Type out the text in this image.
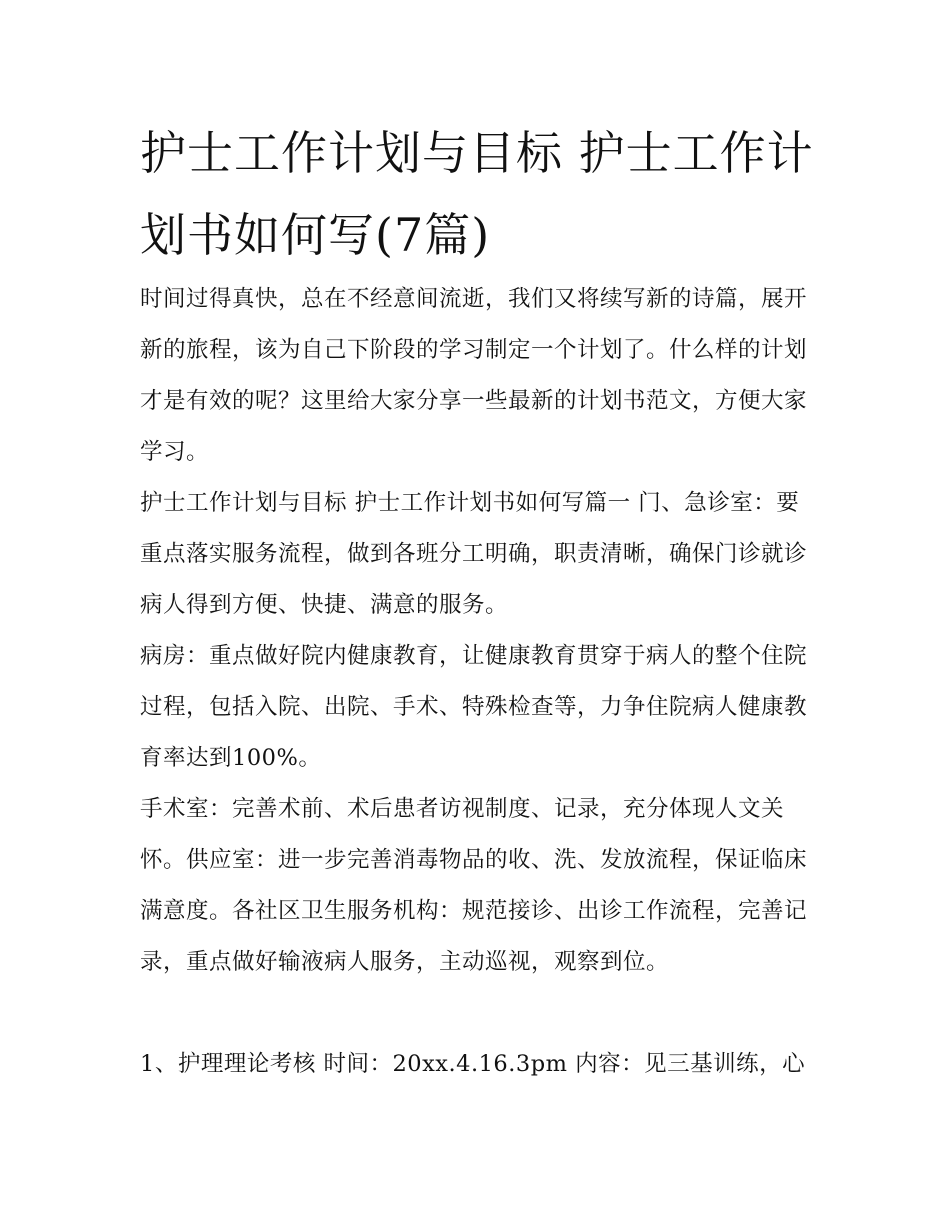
护士工作计划与目标 护士工作计划书如何写(7篇)

时间过得真快，总在不经意间流逝，我们又将续写新的诗篇，展开新的旅程，该为自己下阶段的学习制定一个计划了。什么样的计划才是有效的呢？这里给大家分享一些最新的计划书范文，方便大家学习。

护士工作计划与目标 护士工作计划书如何写篇一 门、急诊室：要重点落实服务流程，做到各班分工明确，职责清晰，确保门诊就诊病人得到方便、快捷、满意的服务。

病房：重点做好院内健康教育，让健康教育贯穿于病人的整个住院过程，包括入院、出院、手术、特殊检查等，力争住院病人健康教育率达到100%。

手术室：完善术前、术后患者访视制度、记录，充分体现人文关怀。供应室：进一步完善消毒物品的收、洗、发放流程，保证临床满意度。各社区卫生服务机构：规范接诊、出诊工作流程，完善记录，重点做好输液病人服务，主动巡视，观察到位。

1、护理理论考核 时间：20xx.4.16.3pm 内容：见三基训练，心
